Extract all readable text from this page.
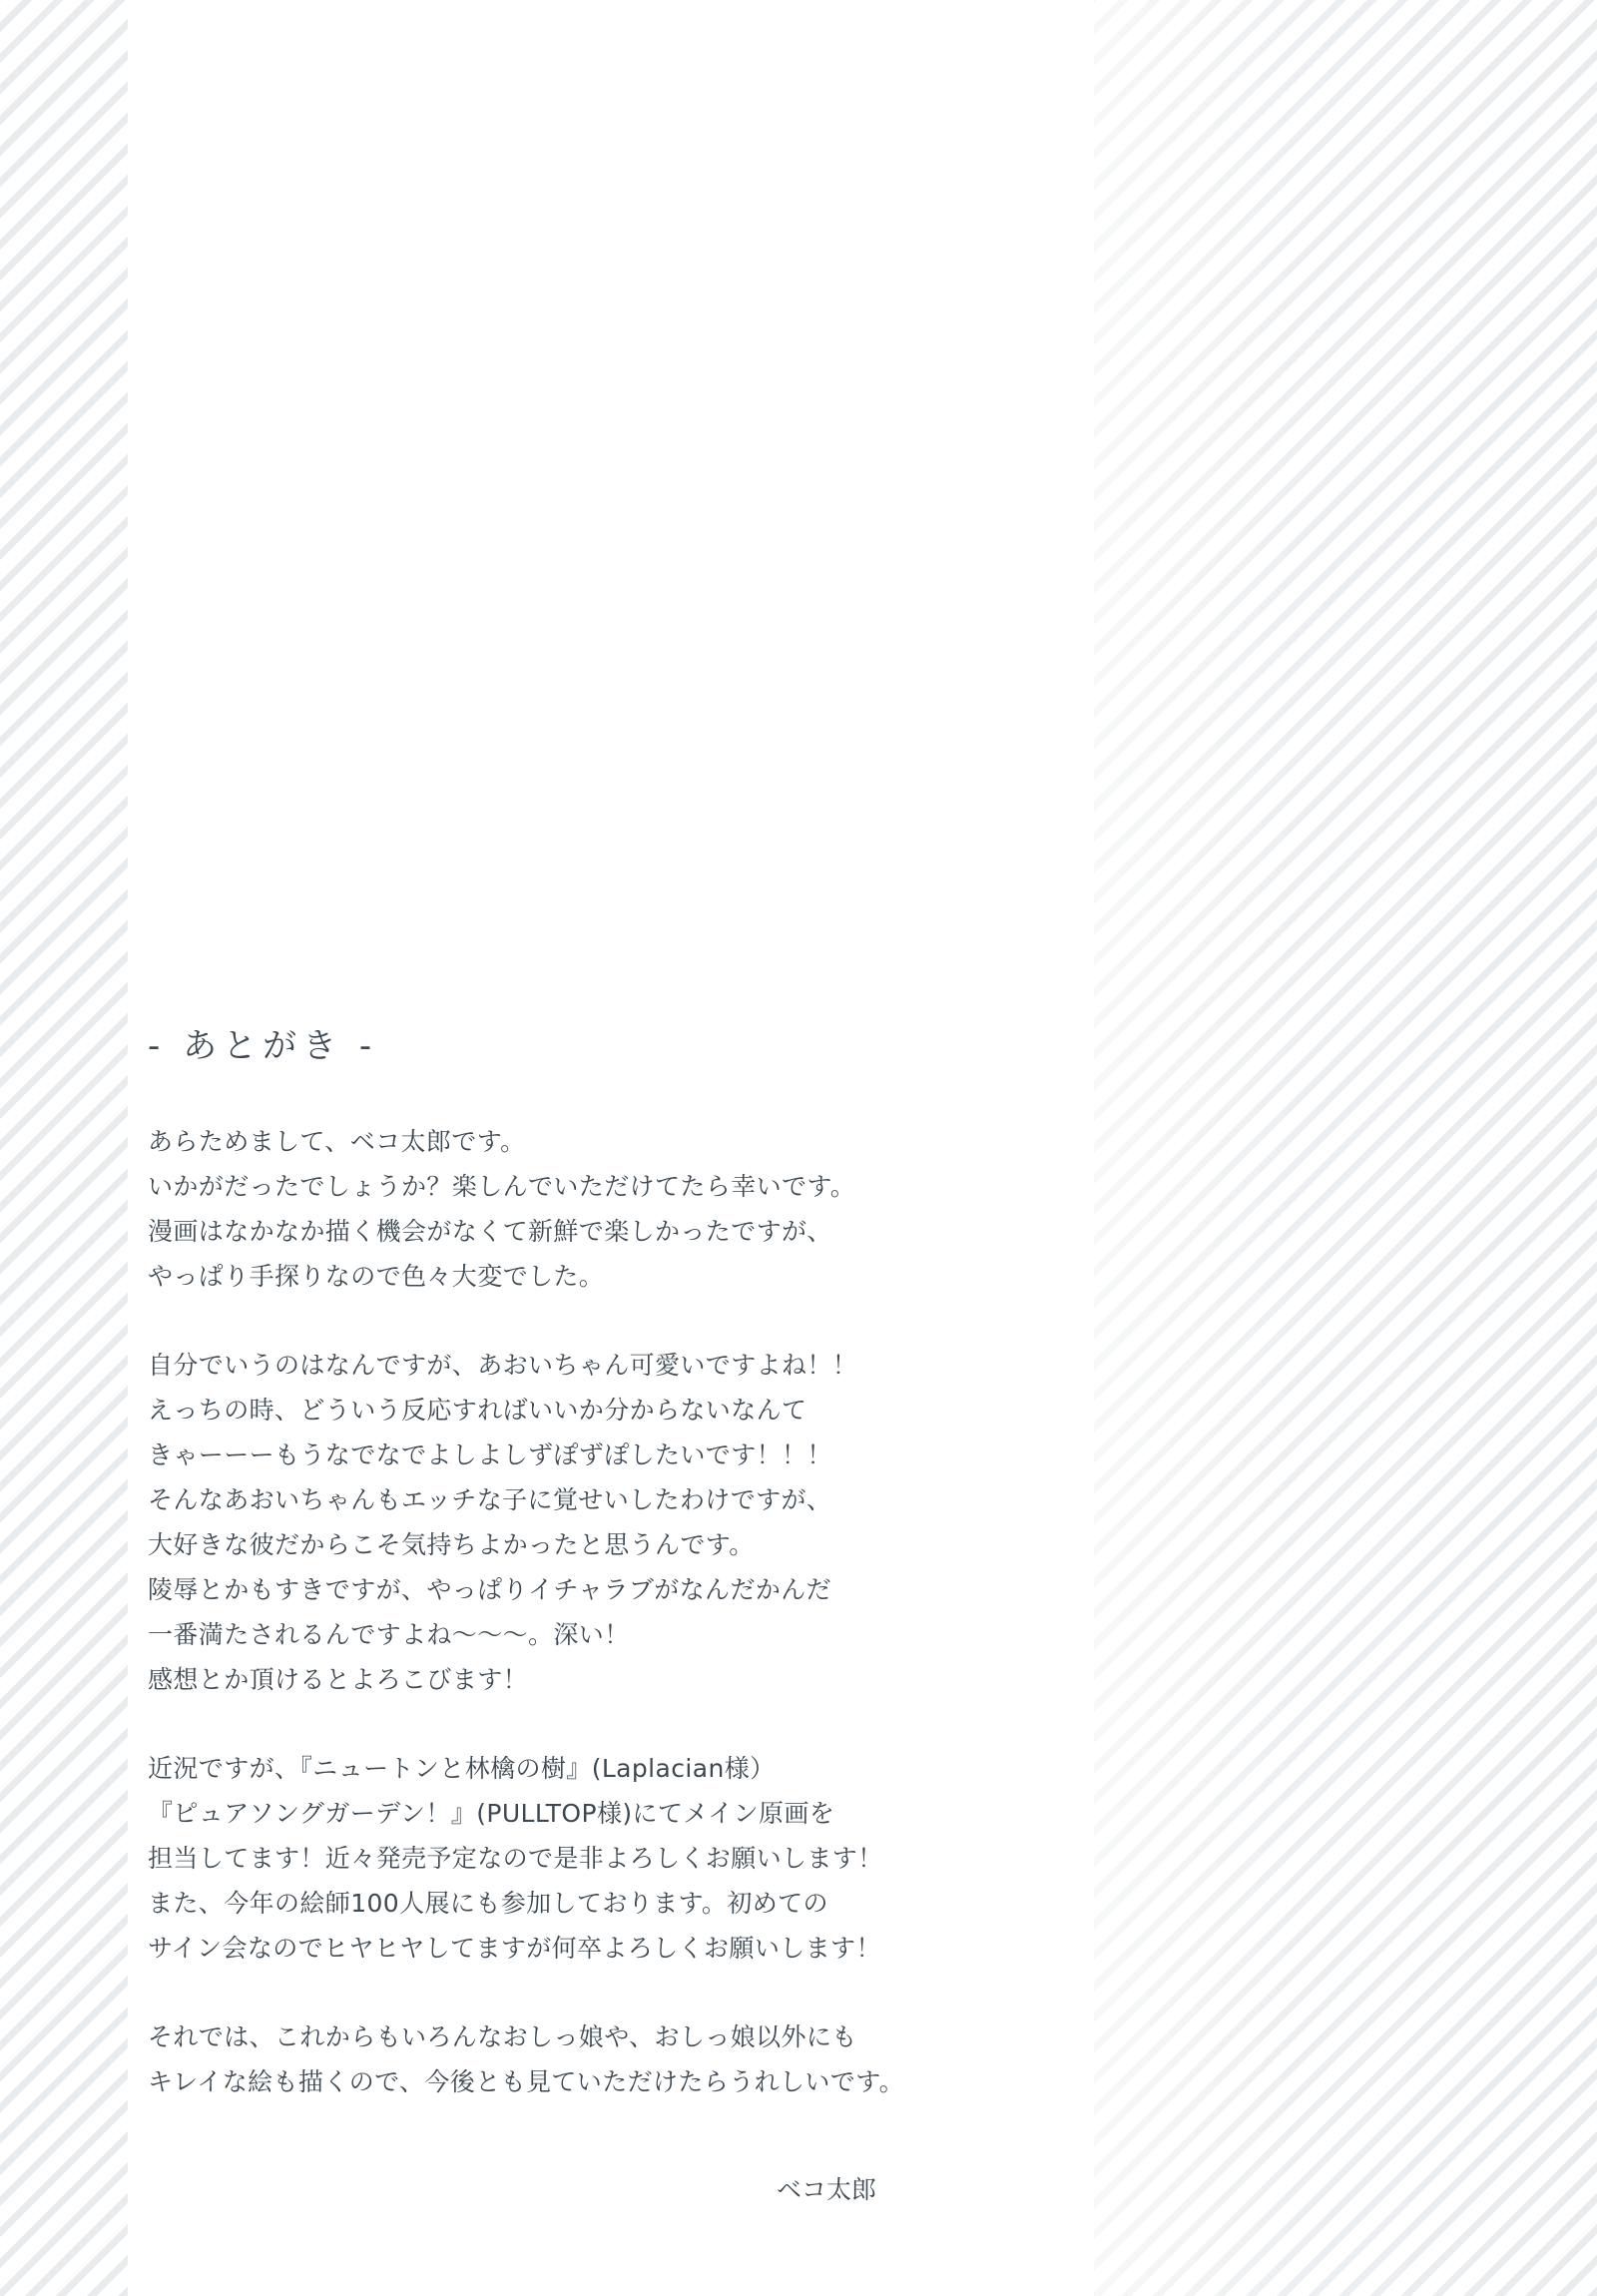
- あとがき -
あらためまして、ベコ太郎です。
いかがだったでしょうか？楽しんでいただけてたら幸いです。
漫画はなかなか描く機会がなくて新鮮で楽しかったですが、
やっぱり手探りなので色々大変でした。
自分でいうのはなんですが、あおいちゃん可愛いですよね！！
えっちの時、どういう反応すればいいか分からないなんて
きゃーーーもうなでなでよしよしずぽずぽしたいです！！！
そんなあおいちゃんもエッチな子に覚せいしたわけですが、
大好きな彼だからこそ気持ちよかったと思うんです。
陵辱とかもすきですが、やっぱりイチャラブがなんだかんだ
一番満たされるんですよね～～～。深い！
感想とか頂けるとよろこびます！
近況ですが、『ニュートンと林檎の樹』(Laplacian様）
『ピュアソングガーデン！』(PULLTOP様)にてメイン原画を
担当してます！近々発売予定なので是非よろしくお願いします！
また、今年の絵師100人展にも参加しております。初めての
サイン会なのでヒヤヒヤしてますが何卒よろしくお願いします！
それでは、これからもいろんなおしっ娘や、おしっ娘以外にも
キレイな絵も描くので、今後とも見ていただけたらうれしいです。
ベコ太郎
